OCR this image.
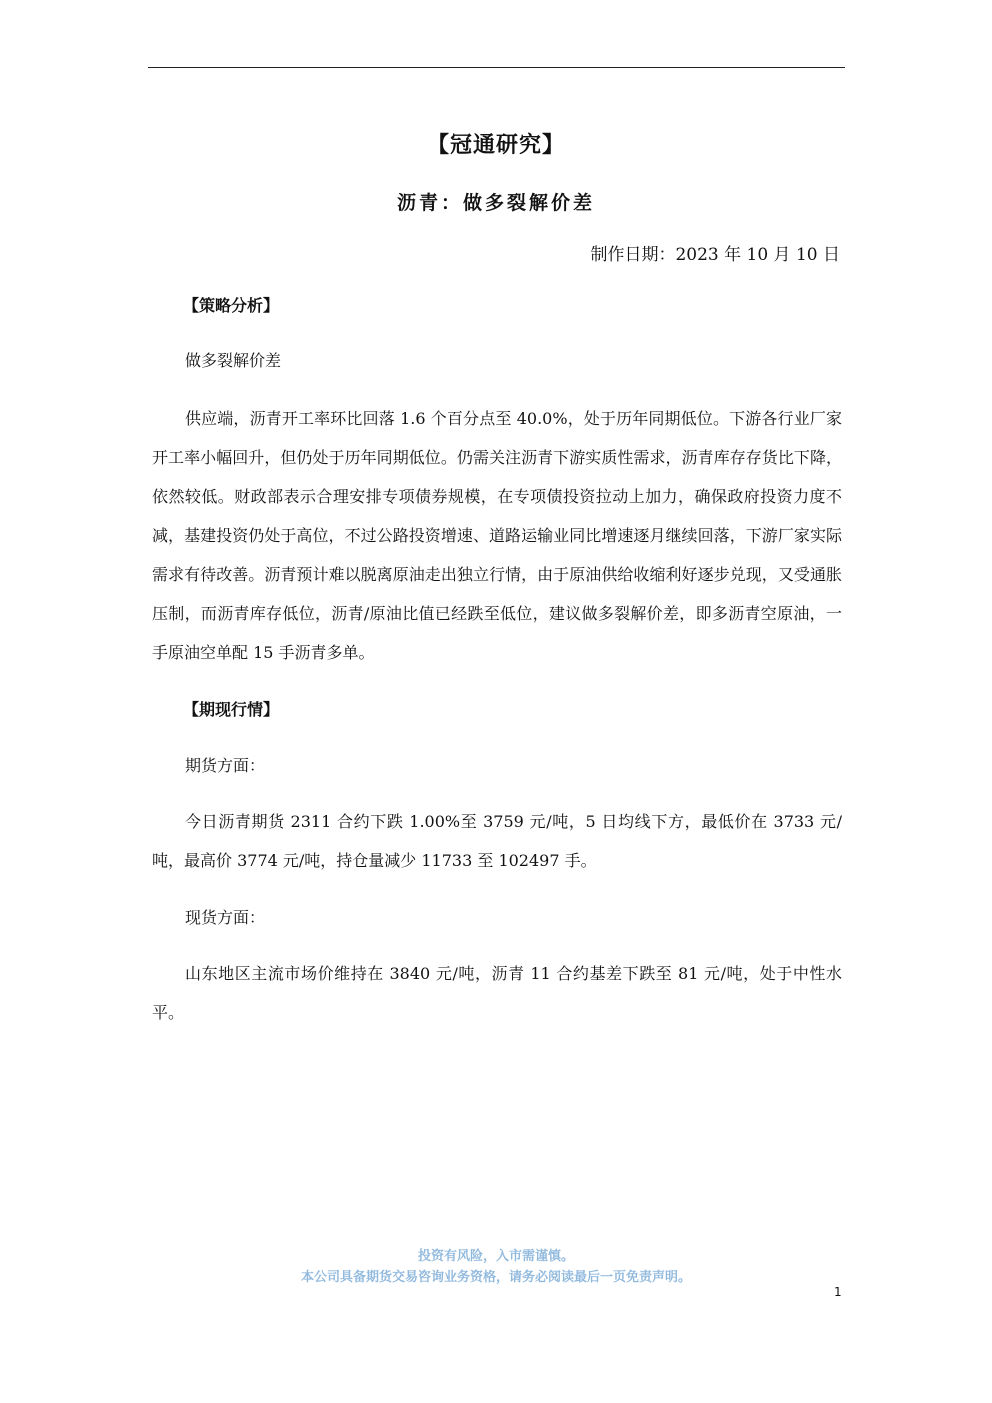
【冠通研究】
沥青：做多裂解价差
制作日期：2023 年 10 月 10 日
【策略分析】

做多裂解价差

供应端，沥青开工率环比回落 1.6 个百分点至 40.0%，处于历年同期低位。下游各行业厂家开工率小幅回升，但仍处于历年同期低位。仍需关注沥青下游实质性需求，沥青库存存货比下降，依然较低。财政部表示合理安排专项债券规模，在专项债投资拉动上加力，确保政府投资力度不减，基建投资仍处于高位，不过公路投资增速、道路运输业同比增速逐月继续回落，下游厂家实际需求有待改善。沥青预计难以脱离原油走出独立行情，由于原油供给收缩利好逐步兑现，又受通胀压制，而沥青库存低位，沥青/原油比值已经跌至低位，建议做多裂解价差，即多沥青空原油，一手原油空单配 15 手沥青多单。

【期现行情】

期货方面：

今日沥青期货 2311 合约下跌 1.00%至 3759 元/吨，5 日均线下方，最低价在 3733 元/吨，最高价 3774 元/吨，持仓量减少 11733 至 102497 手。

现货方面：

山东地区主流市场价维持在 3840 元/吨，沥青 11 合约基差下跌至 81 元/吨，处于中性水平。

投资有风险，入市需谨慎。
本公司具备期货交易咨询业务资格，请务必阅读最后一页免责声明。
1
